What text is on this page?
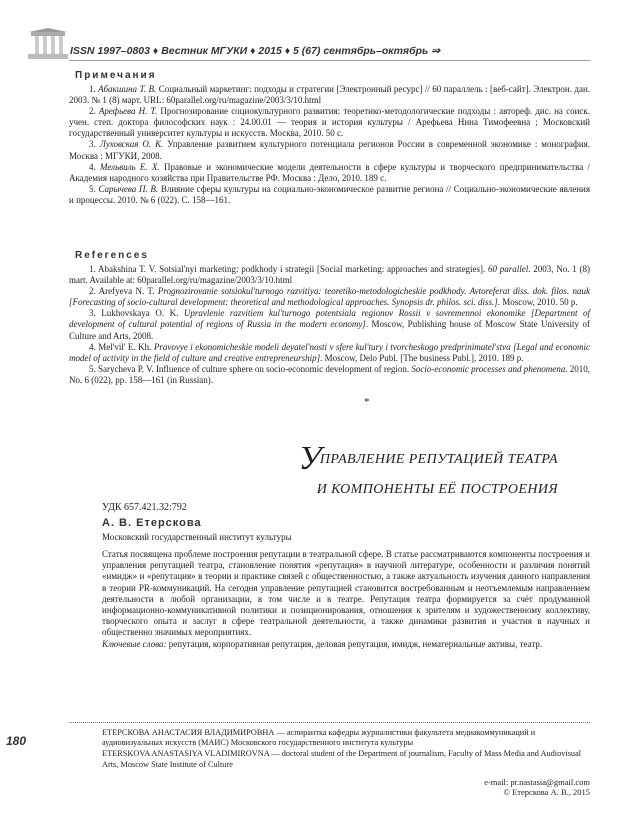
ISSN 1997–0803 ♦ Вестник МГУКИ ♦ 2015 ♦ 5 (67) сентябрь–октябрь ⇒
Примечания

1. Абакшина Т. В. Социальный маркетинг: подходы и стратегии [Электронный ресурс] // 60 параллель : [веб-сайт]. Электрон. дан. 2003. № 1 (8) март. URL: 60parallel.org/ru/magazine/2003/3/10.html

2. Арефьева Н. Т. Прогнозирование социокультурного развития: теоретико-методологические подходы : автореф. дис. на соиск. учен. степ. доктора философских наук : 24.00.01 — теория и история культуры / Арефьева Нина Тимофеевна ; Московский государственный университет культуры и искусств. Москва, 2010. 50 с.

3. Луховская О. К. Управление развитием культурного потенциала регионов России в современной экономике : монография. Москва : МГУКИ, 2008.

4. Мельвиль Е. Х. Правовые и экономические модели деятельности в сфере культуры и творческого предпринимательства / Академия народного хозяйства при Правительстве РФ. Москва : Дело, 2010. 189 с.

5. Сарычева П. В. Влияние сферы культуры на социально-экономическое развитие региона // Социально-экономические явления и процессы. 2010. № 6 (022). С. 158—161.

References

1. Abakshina T. V. Sotsial'nyi marketing: podkhody i strategii [Social marketing: approaches and strategies]. 60 parallel. 2003, No. 1 (8) mart. Available at: 60parallel.org/ru/magazine/2003/3/10.html

2. Arefyeva N. T. Prognozirovanie sotsiokul'turnogo razvitiya: teoretiko-metodologicheskie podkhody. Avtoreferat diss. dok. filos. nauk [Forecasting of socio-cultural development: theoretical and methodological approaches. Synopsis dr. philos. sci. diss.]. Moscow, 2010. 50 p.

3. Lukhovskaya O. K. Upravlenie razvitiem kul'turnogo potentsiala regionov Rossii v sovremennoi ekonomike [Department of development of cultural potential of regions of Russia in the modern economy]. Moscow, Publishing house of Moscow State University of Culture and Arts, 2008.

4. Mel'vil' E. Kh. Pravovye i ekonomicheskie modeli deyatel'nosti v sfere kul'tury i tvorcheskogo predprinimatel'stva [Legal and economic model of activity in the field of culture and creative entrepreneurship]. Moscow, Delo Publ. [The business Publ.], 2010. 189 p.

5. Sarycheva P. V. Influence of culture sphere on socio-economic development of region. Socio-economic processes and phenomena. 2010, No. 6 (022), pp. 158—161 (in Russian).

*
УПРАВЛЕНИЕ РЕПУТАЦИЕЙ ТЕАТРА
И КОМПОНЕНТЫ ЕЁ ПОСТРОЕНИЯ
УДК 657.421.32:792
А. В. Етерскова
Московский государственный институт культуры

Статья посвящена проблеме построения репутации в театральной сфере. В статье рассматриваются компоненты построения и управления репутацией театра, становление понятия «репутация» в научной литературе, особенности и различия понятий «имидж» и «репутация» в теории и практике связей с общественностью, а также актуальность изучения данного направления в теории PR-коммуникаций. На сегодня управление репутацией становится востребованным и неотъемлемым направлением деятельности в любой организации, в том числе и в театре. Репутация театра формируется за счёт продуманной информационно-коммуникативной политики и позиционирования, отношения к зрителям и художественному коллективу, творческого опыта и заслуг в сфере театральной деятельности, а также динамики развития и участия в научных и общественно значимых мероприятиях.

Ключевые слова: репутация, корпоративная репутация, деловая репутация, имидж, нематериальные активы, театр.

ЕТЕРСКОВА АНАСТАСИЯ ВЛАДИМИРОВНА — аспирантка кафедры журналистики факультета медиакоммуникаций и аудиовизуальных искусств (МАИС) Московского государственного института культуры

ETERSKOVA ANASTASIYA VLADIMIROVNA — doctoral student of the Department of journalism, Faculty of Mass Media and Audiovisual Arts, Moscow State Institute of Culture

180
e-mail: pr.nastasia@gmail.com
© Етерскова А. В., 2015
